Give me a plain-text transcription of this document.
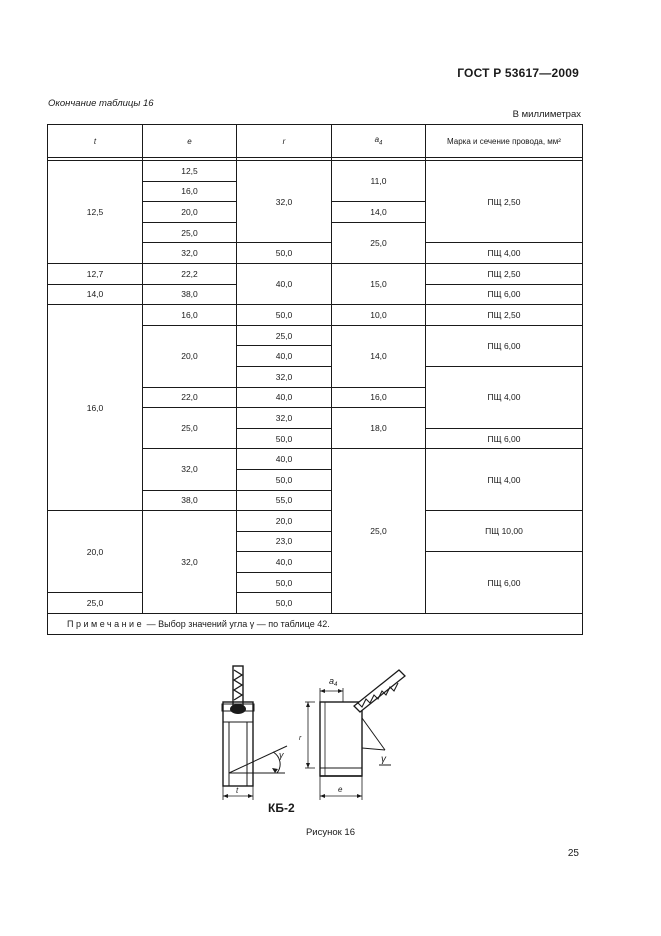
ГОСТ Р 53617—2009
Окончание таблицы 16
В миллиметрах
t	e	r	$a_4$	Марка и сечение провода, мм²

12,5	12,5	32,0	11,0	ПЩ 2,50
	16,0			
	20,0		14,0	
	25,0		25,0	
	32,0	50,0		ПЩ 4,00
12,7	22,2	40,0	15,0	ПЩ 2,50
14,0	38,0			ПЩ 6,00
16,0	16,0	50,0	10,0	ПЩ 2,50
	20,0	25,0	14,0	ПЩ 6,00
		40,0		
		32,0		ПЩ 4,00
	22,0	40,0	16,0	
	25,0	32,0	18,0	
		50,0		ПЩ 6,00
	32,0	40,0	25,0	ПЩ 4,00
		50,0		
	38,0	55,0		
20,0	32,0	20,0		ПЩ 10,00
		23,0		
		40,0		ПЩ 6,00
		50,0		
25,0		50,0		
Примечание — Выбор значений угла γ — по таблице 42.				
t
γ
$a_4$
r
e
γ
КБ-2
Рисунок 16
25
